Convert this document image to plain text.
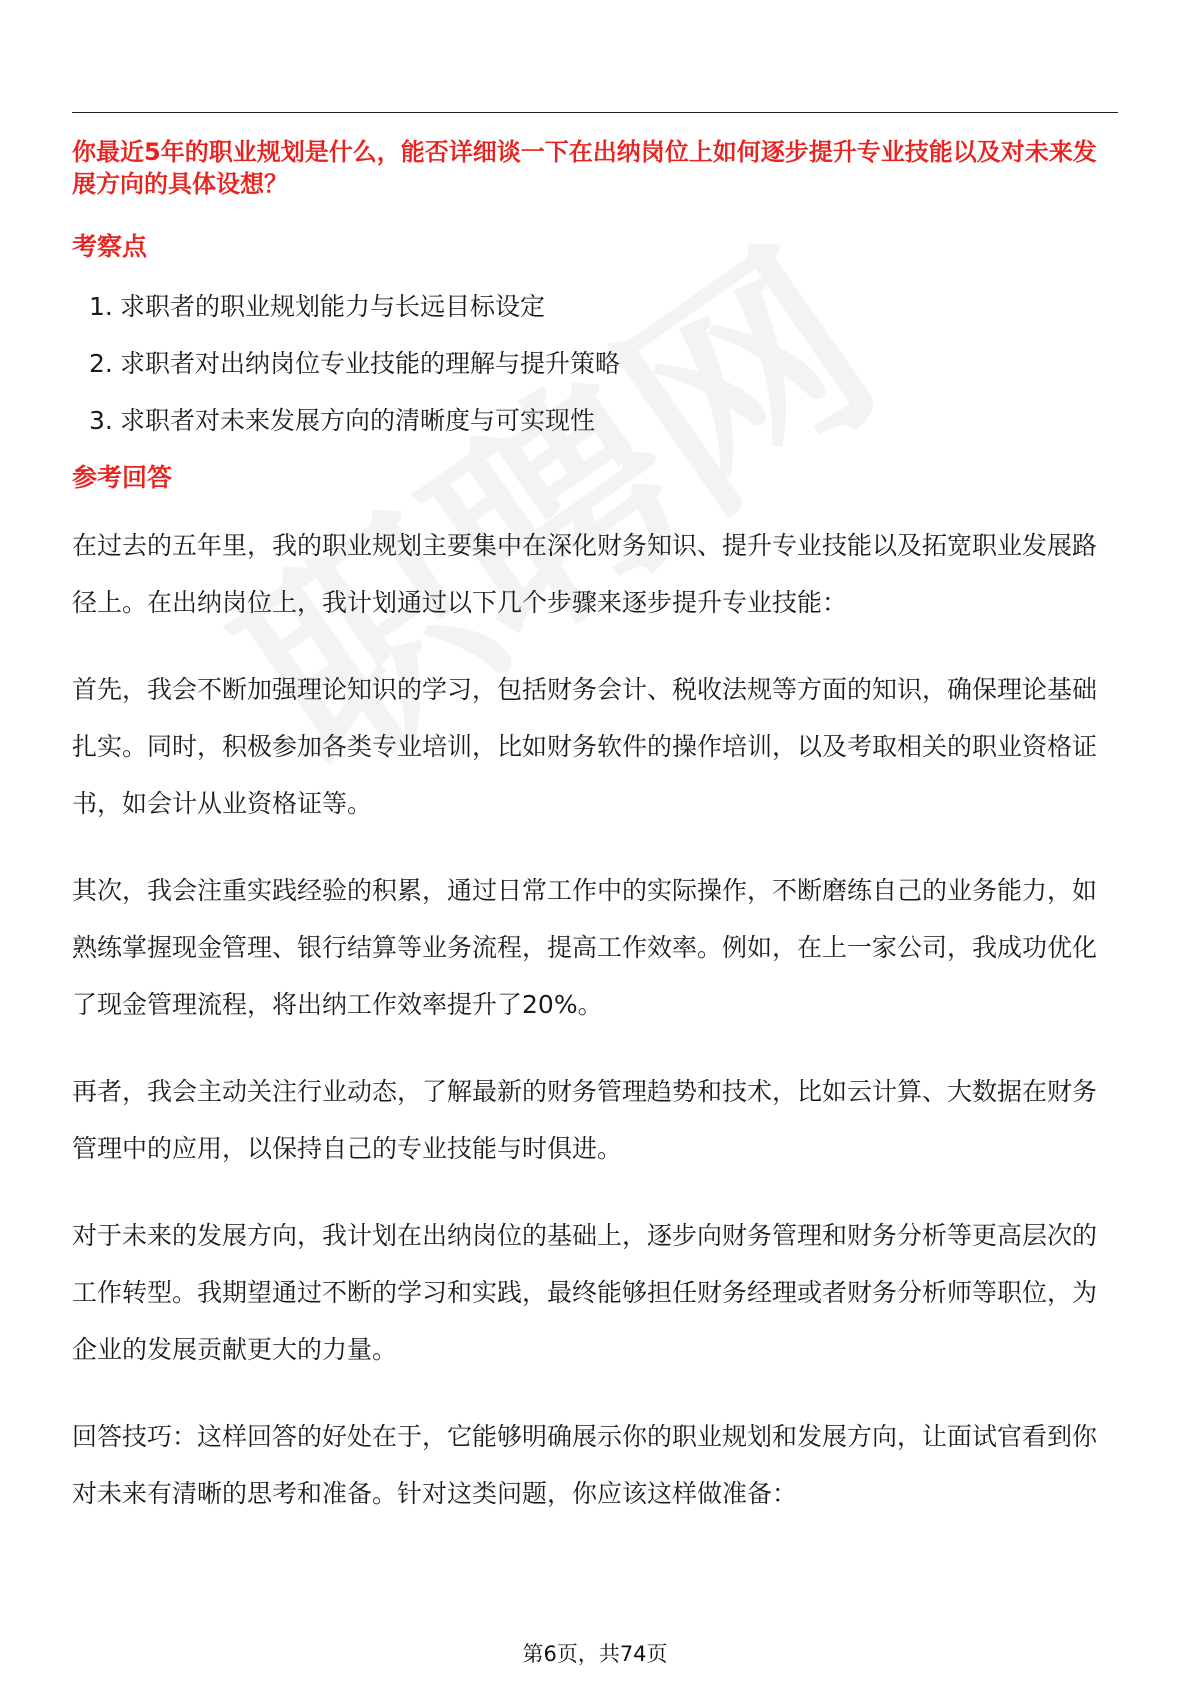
你最近5年的职业规划是什么，能否详细谈一下在出纳岗位上如何逐步提升专业技能以及对未来发展方向的具体设想？

考察点

1. 求职者的职业规划能力与长远目标设定
2. 求职者对出纳岗位专业技能的理解与提升策略
3. 求职者对未来发展方向的清晰度与可实现性

参考回答

在过去的五年里，我的职业规划主要集中在深化财务知识、提升专业技能以及拓宽职业发展路径上。在出纳岗位上，我计划通过以下几个步骤来逐步提升专业技能：

首先，我会不断加强理论知识的学习，包括财务会计、税收法规等方面的知识，确保理论基础扎实。同时，积极参加各类专业培训，比如财务软件的操作培训，以及考取相关的职业资格证书，如会计从业资格证等。

其次，我会注重实践经验的积累，通过日常工作中的实际操作，不断磨练自己的业务能力，如熟练掌握现金管理、银行结算等业务流程，提高工作效率。例如，在上一家公司，我成功优化了现金管理流程，将出纳工作效率提升了20%。

再者，我会主动关注行业动态，了解最新的财务管理趋势和技术，比如云计算、大数据在财务管理中的应用，以保持自己的专业技能与时俱进。

对于未来的发展方向，我计划在出纳岗位的基础上，逐步向财务管理和财务分析等更高层次的工作转型。我期望通过不断的学习和实践，最终能够担任财务经理或者财务分析师等职位，为企业的发展贡献更大的力量。

回答技巧：这样回答的好处在于，它能够明确展示你的职业规划和发展方向，让面试官看到你对未来有清晰的思考和准备。针对这类问题，你应该这样做准备：

第6页，共74页
